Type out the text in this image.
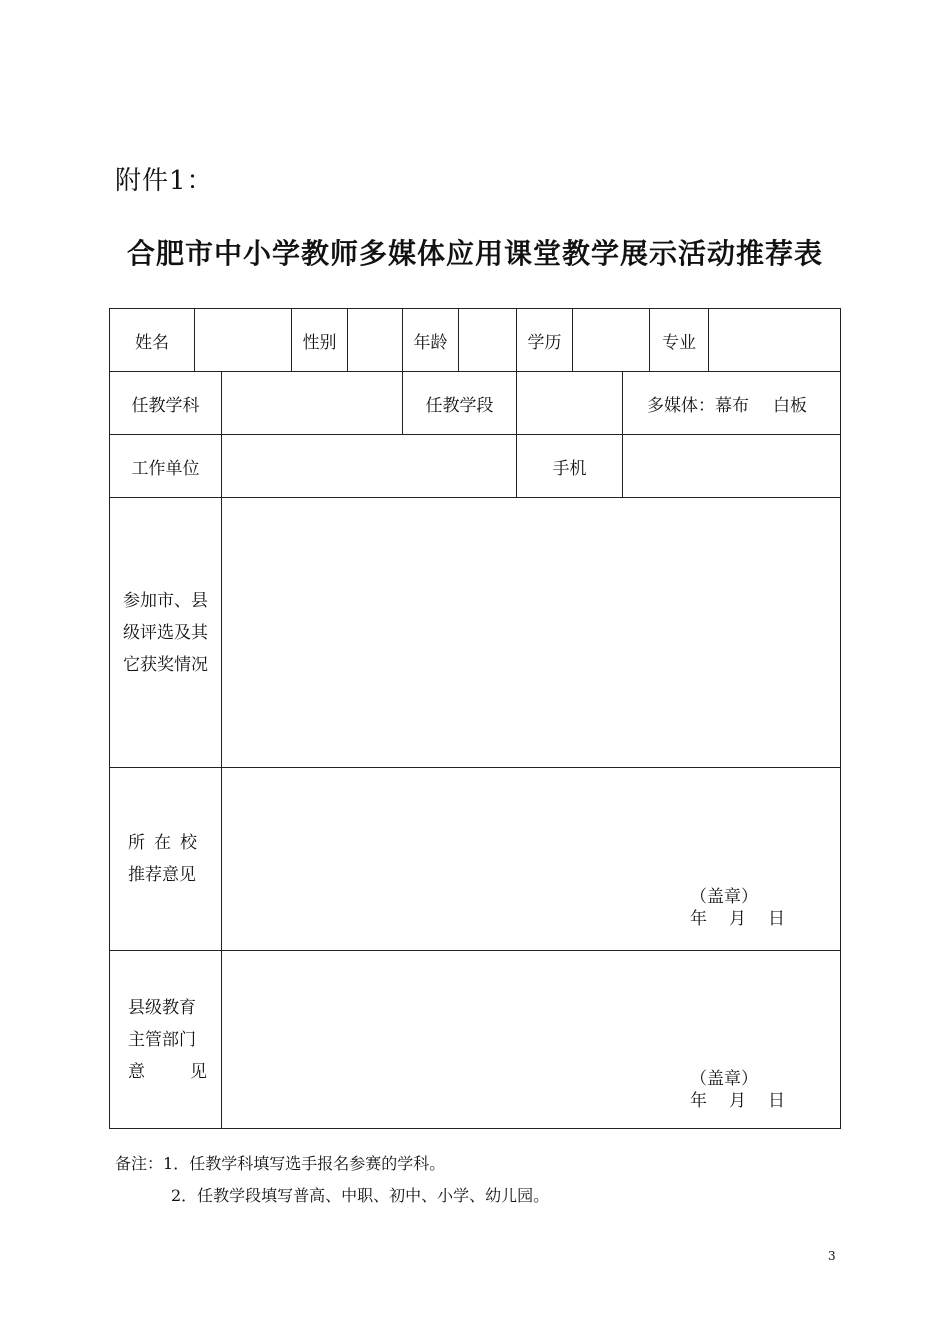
附件1：
合肥市中小学教师多媒体应用课堂教学展示活动推荐表
姓名	性别	年龄	学历	专业
任教学科	任教学段	多媒体： 幕布 白板
工作单位	手机
参加市、县
级评选及其
它获奖情况
所在校
推荐意见
（盖章）
年 月 日
县级教育
主管部门
意见	（盖章）
年 月 日
备注：1．任教学科填写选手报名参赛的学科。
2．任教学段填写普高、中职、初中、小学、幼儿园。
3
